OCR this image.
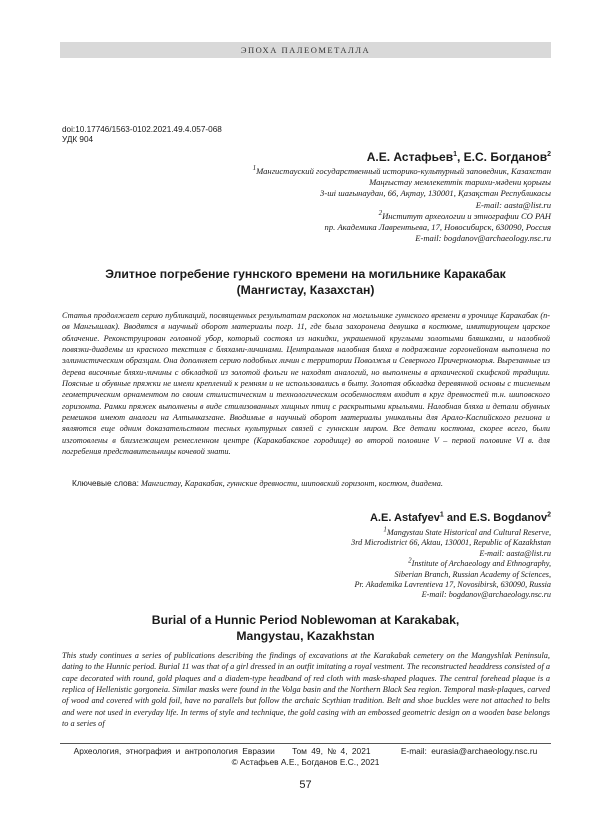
ЭПОХА ПАЛЕОМЕТАЛЛА
doi:10.17746/1563-0102.2021.49.4.057-068
УДК 904
А.Е. Астафьев$^1$, Е.С. Богданов$^2$

$^1$Мангистауский государственный историко-культурный заповедник, Казахстан

Маңғыстау мемлекеттік тарихи-мәдени қорығы

3-ші шағынаудан, 66, Ақтау, 130001, Қазақстан Республикасы

E-mail: aasta@list.ru

$^2$Институт археологии и этнографии СО РАН

пр. Академика Лаврентьева, 17, Новосибирск, 630090, Россия

E-mail: bogdanov@archaeology.nsc.ru

Элитное погребение гуннского времени на могильнике Каракабак
(Мангистау, Казахстан)
Статья продолжает серию публикаций, посвященных результатам раскопок на могильнике гуннского времени в урочище Каракабак (п-ов Мангышлак). Вводятся в научный оборот материалы погр. 11, где была захоронена девушка в костюме, имитирующем царское облачение. Реконструирован головной убор, который состоял из накидки, украшенной круглыми золотыми бляшками, и налобной повязки-диадемы из красного текстиля с бляхами-личинами. Центральная налобная бляха в подражание горгонейонам выполнена по эллинистическим образцам. Она дополняет серию подобных личин с территории Поволжья и Северного Причерноморья. Вырезанные из дерева височные бляхи-личины с обкладкой из золотой фольги не находят аналогий, но выполнены в архаической скифской традиции. Поясные и обувные пряжки не имели креплений к ремням и не использовались в быту. Золотая обкладка деревянной основы с тисненым геометрическим орнаментом по своим стилистическим и технологическим особенностям входит в круг древностей т.н. шиповского горизонта. Рамки пряжек выполнены в виде стилизованных хищных птиц с раскрытыми крыльями. Налобная бляха и детали обувных ремешков имеют аналоги на Алтынказгане. Вводимые в научный оборот материалы уникальны для Арало-Каспийского региона и являются еще одним доказательством тесных культурных связей с гуннским миром. Все детали костюма, скорее всего, были изготовлены в близлежащем ремесленном центре (Каракабакское городище) во второй половине V – первой половине VI в. для погребения представительницы кочевой знати.
Ключевые слова: Мангистау, Каракабак, гуннские древности, шиповский горизонт, костюм, диадема.
A.E. Astafyev$^1$ and E.S. Bogdanov$^2$

$^1$Mangystau State Historical and Cultural Reserve,

3rd Microdistrict 66, Aktau, 130001, Republic of Kazakhstan

E-mail: aasta@list.ru

$^2$Institute of Archaeology and Ethnography,

Siberian Branch, Russian Academy of Sciences,

Pr. Akademika Lavrentieva 17, Novosibirsk, 630090, Russia

E-mail: bogdanov@archaeology.nsc.ru

Burial of a Hunnic Period Noblewoman at Karakabak,
Mangystau, Kazakhstan
This study continues a series of publications describing the findings of excavations at the Karakabak cemetery on the Mangyshlak Peninsula, dating to the Hunnic period. Burial 11 was that of a girl dressed in an outfit imitating a royal vestment. The reconstructed headdress consisted of a cape decorated with round, gold plaques and a diadem-type headband of red cloth with mask-shaped plaques. The central forehead plaque is a replica of Hellenistic gorgoneia. Similar masks were found in the Volga basin and the Northern Black Sea region. Temporal mask-plaques, carved of wood and covered with gold foil, have no parallels but follow the archaic Scythian tradition. Belt and shoe buckles were not attached to belts and were not used in everyday life. In terms of style and technique, the gold casing with an embossed geometric design on a wooden base belongs to a series of
Археология, этнография и антропология Евразии Том 49, № 4, 2021	E-mail: eurasia@archaeology.nsc.ru
© Астафьев А.Е., Богданов Е.С., 2021
57
